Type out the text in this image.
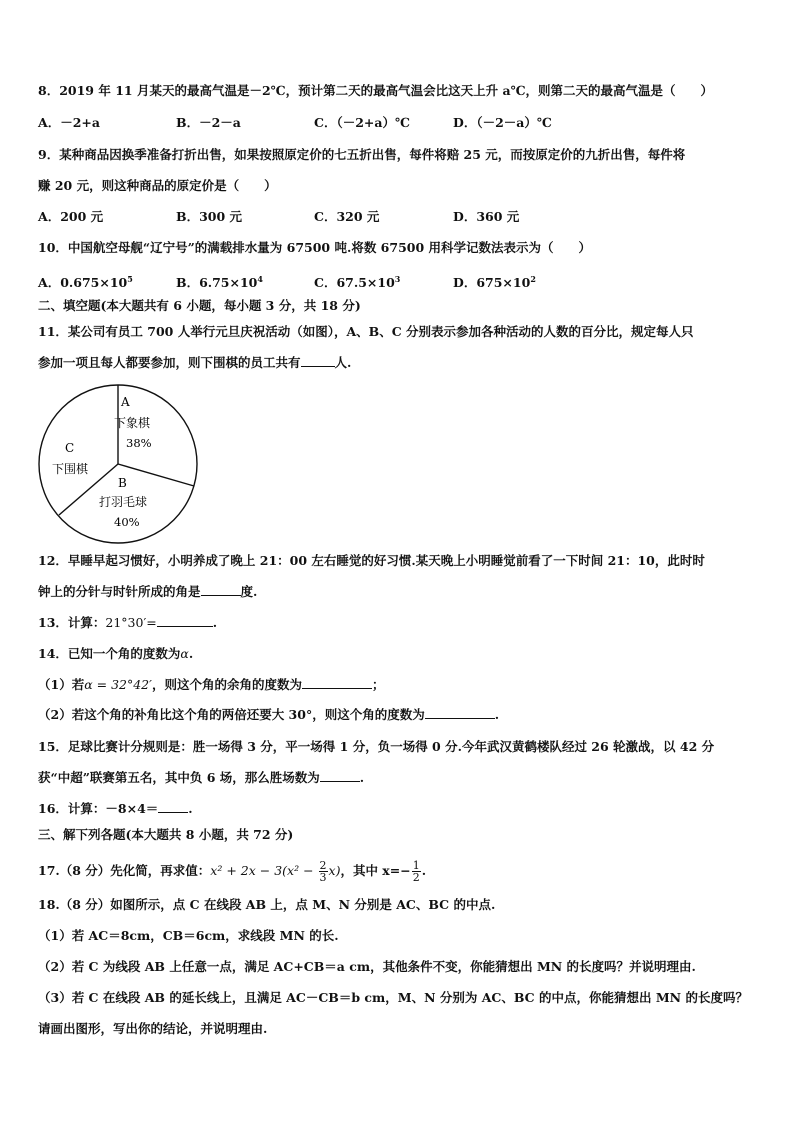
8．2019 年 11 月某天的最高气温是－2℃，预计第二天的最高气温会比这天上升 a℃，则第二天的最高气温是（　　）
A．－2+a	B．－2－a	C．（－2+a）℃	D．（－2－a）℃
9．某种商品因换季准备打折出售，如果按照原定价的七五折出售，每件将赔 25 元，而按原定价的九折出售，每件将
赚 20 元，则这种商品的原定价是（　　）
A．200 元	B．300 元	C．320 元	D．360 元
10．中国航空母舰“辽宁号”的满载排水量为 67500 吨.将数 67500 用科学记数法表示为（　　）
A．$0.675\times 10^5$	B．$6.75\times 10^4$	C．$67.5\times 10^3$	D．$675\times 10^2$
二、填空题(本大题共有 6 小题，每小题 3 分，共 18 分)
11．某公司有员工 700 人举行元旦庆祝活动（如图），A、B、C 分别表示参加各种活动的人数的百分比，规定每人只
参加一项且每人都要参加，则下围棋的员工共有	人.
A
下象棋
38%
C
下围棋
B
打羽毛球
40%
12．早睡早起习惯好，小明养成了晚上 21：00 左右睡觉的好习惯.某天晚上小明睡觉前看了一下时间 21：10，此时时
钟上的分针与时针所成的角是	度.
13．计算：21°30′=	.
14．已知一个角的度数为α.
（1）若α = 32°42′，则这个角的余角的度数为	；
（2）若这个角的补角比这个角的两倍还要大 30°，则这个角的度数为	.
15．足球比赛计分规则是：胜一场得 3 分，平一场得 1 分，负一场得 0 分.今年武汉黄鹤楼队经过 26 轮激战，以 42 分
获“中超”联赛第五名，其中负 6 场，那么胜场数为	.
16．计算：－8×4＝ .
三、解下列各题(本大题共 8 小题，共 72 分)
17.（8 分）先化简，再求值：$x^2 + 2x - 3(x^2 - \frac{2}{3} x)$，其中 $x=- \frac{1}{2}$ .
18.（8 分）如图所示，点 C 在线段 AB 上，点 M、N 分别是 AC、BC 的中点.
（1）若 AC＝8cm，CB＝6cm，求线段 MN 的长.
（2）若 C 为线段 AB 上任意一点，满足 AC+CB＝a cm，其他条件不变，你能猜想出 MN 的长度吗？并说明理由.
（3）若 C 在线段 AB 的延长线上，且满足 AC－CB＝b cm，M、N 分别为 AC、BC 的中点，你能猜想出 MN 的长度吗？
请画出图形，写出你的结论，并说明理由.
